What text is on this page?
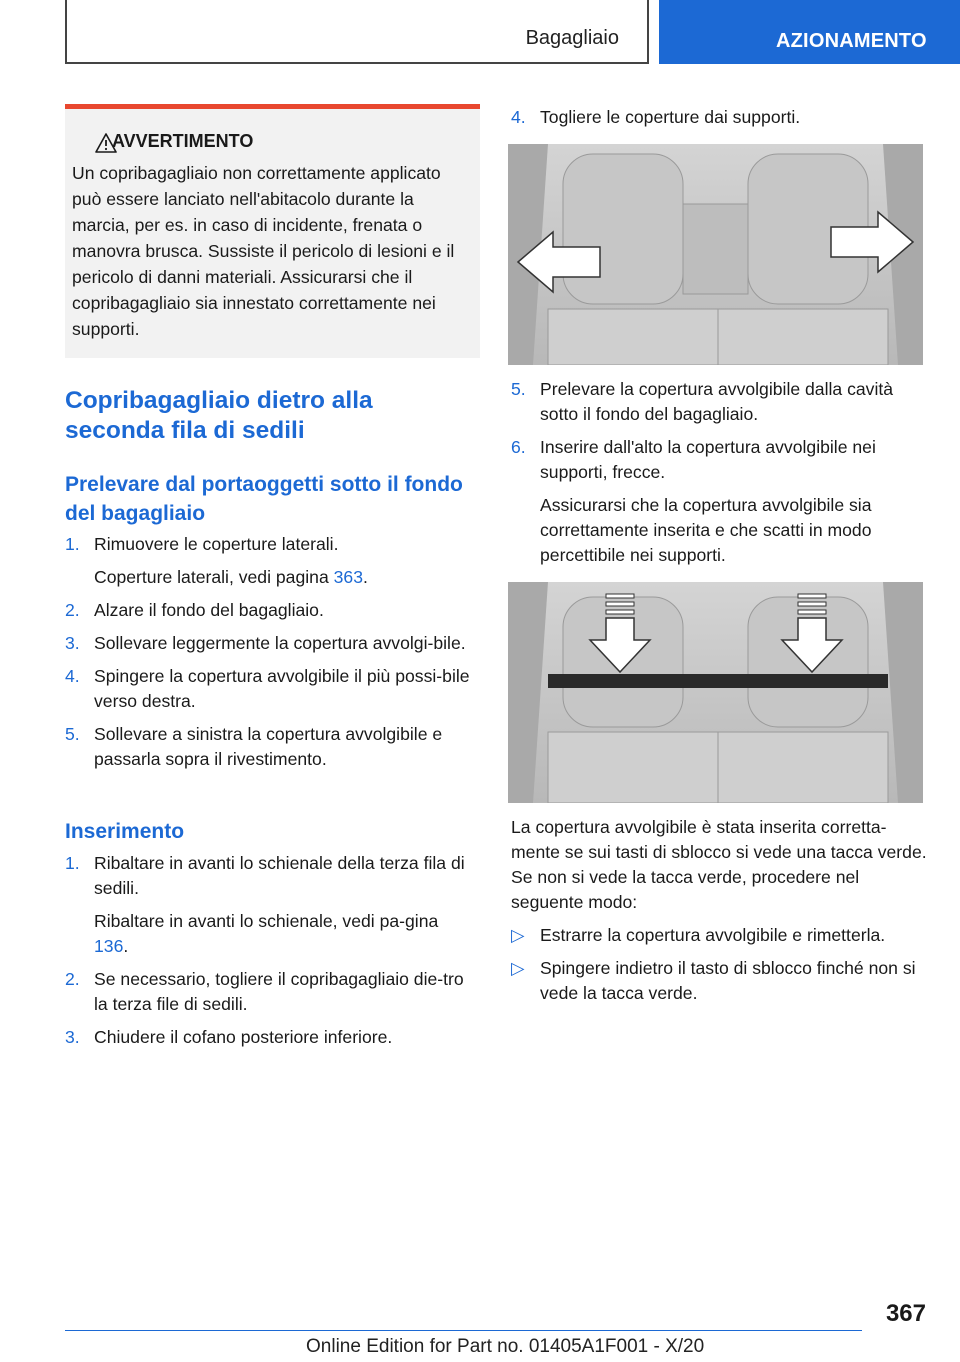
Bagagliaio	AZIONAMENTO
AVVERTIMENTO
Un copribagagliaio non correttamente applicato può essere lanciato nell'abitacolo durante la marcia, per es. in caso di incidente, frenata o manovra brusca. Sussiste il pericolo di lesioni e il pericolo di danni materiali. Assicurarsi che il copribagagliaio sia innestato correttamente nei supporti.
Copribagagliaio dietro alla seconda fila di sedili
Prelevare dal portaoggetti sotto il fondo del bagagliaio
1. Rimuovere le coperture laterali.
Coperture laterali, vedi pagina 363.
2. Alzare il fondo del bagagliaio.
3. Sollevare leggermente la copertura avvolgi-bile.
4. Spingere la copertura avvolgibile il più possi-bile verso destra.
5. Sollevare a sinistra la copertura avvolgibile e passarla sopra il rivestimento.
Inserimento
1. Ribaltare in avanti lo schienale della terza fila di sedili.
Ribaltare in avanti lo schienale, vedi pa-gina 136.
2. Se necessario, togliere il copribagagliaio die-tro la terza file di sedili.
3. Chiudere il cofano posteriore inferiore.
4. Togliere le coperture dai supporti.
5. Prelevare la copertura avvolgibile dalla cavità sotto il fondo del bagagliaio.
6. Inserire dall'alto la copertura avvolgibile nei supporti, frecce.
Assicurarsi che la copertura avvolgibile sia correttamente inserita e che scatti in modo percettibile nei supporti.
La copertura avvolgibile è stata inserita corretta-mente se sui tasti di sblocco si vede una tacca verde. Se non si vede la tacca verde, procedere nel seguente modo:
▷ Estrarre la copertura avvolgibile e rimetterla.
▷ Spingere indietro il tasto di sblocco finché non si vede la tacca verde.
367
Online Edition for Part no. 01405A1F001 - X/20
